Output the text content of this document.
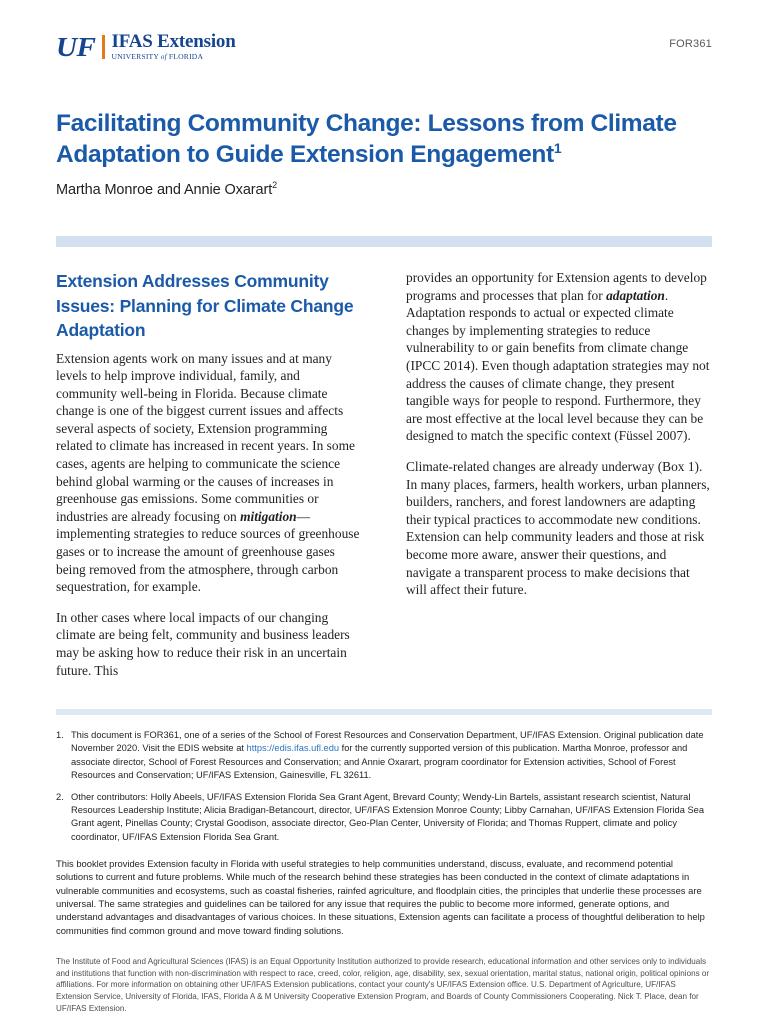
UF IFAS Extension
UNIVERSITY of FLORIDA
FOR361
Facilitating Community Change: Lessons from Climate Adaptation to Guide Extension Engagement$^1$
Martha Monroe and Annie Oxarart$^2$
Extension Addresses Community Issues: Planning for Climate Change Adaptation

Extension agents work on many issues and at many levels to help improve individual, family, and community well-being in Florida. Because climate change is one of the biggest current issues and affects several aspects of society, Extension programming related to climate has increased in recent years. In some cases, agents are helping to communicate the science behind global warming or the causes of increases in greenhouse gas emissions. Some communities or industries are already focusing on mitigation—implementing strategies to reduce sources of greenhouse gases or to increase the amount of greenhouse gases being removed from the atmosphere, through carbon sequestration, for example.

In other cases where local impacts of our changing climate are being felt, community and business leaders may be asking how to reduce their risk in an uncertain future. This

provides an opportunity for Extension agents to develop programs and processes that plan for adaptation. Adaptation responds to actual or expected climate changes by implementing strategies to reduce vulnerability to or gain benefits from climate change (IPCC 2014). Even though adaptation strategies may not address the causes of climate change, they present tangible ways for people to respond. Furthermore, they are most effective at the local level because they can be designed to match the specific context (Füssel 2007).

Climate-related changes are already underway (Box 1). In many places, farmers, health workers, urban planners, builders, ranchers, and forest landowners are adapting their typical practices to accommodate new conditions. Extension can help community leaders and those at risk become more aware, answer their questions, and navigate a transparent process to make decisions that will affect their future.

1. This document is FOR361, one of a series of the School of Forest Resources and Conservation Department, UF/IFAS Extension. Original publication date November 2020. Visit the EDIS website at https://edis.ifas.ufl.edu for the currently supported version of this publication. Martha Monroe, professor and associate director, School of Forest Resources and Conservation; and Annie Oxarart, program coordinator for Extension activities, School of Forest Resources and Conservation; UF/IFAS Extension, Gainesville, FL 32611.
2. Other contributors: Holly Abeels, UF/IFAS Extension Florida Sea Grant Agent, Brevard County; Wendy-Lin Bartels, assistant research scientist, Natural Resources Leadership Institute; Alicia Bradigan-Betancourt, director, UF/IFAS Extension Monroe County; Libby Carnahan, UF/IFAS Extension Florida Sea Grant agent, Pinellas County; Crystal Goodison, associate director, Geo-Plan Center, University of Florida; and Thomas Ruppert, climate and policy coordinator, UF/IFAS Extension Florida Sea Grant.
This booklet provides Extension faculty in Florida with useful strategies to help communities understand, discuss, evaluate, and recommend potential solutions to current and future problems. While much of the research behind these strategies has been conducted in the context of climate adaptations in vulnerable communities and ecosystems, such as coastal fisheries, rainfed agriculture, and floodplain cities, the principles that underlie these processes are universal. The same strategies and guidelines can be tailored for any issue that requires the public to become more informed, generate options, and understand advantages and disadvantages of various choices. In these situations, Extension agents can facilitate a process of thoughtful deliberation to help communities find common ground and move toward finding solutions.
The Institute of Food and Agricultural Sciences (IFAS) is an Equal Opportunity Institution authorized to provide research, educational information and other services only to individuals and institutions that function with non-discrimination with respect to race, creed, color, religion, age, disability, sex, sexual orientation, marital status, national origin, political opinions or affiliations. For more information on obtaining other UF/IFAS Extension publications, contact your county's UF/IFAS Extension office. U.S. Department of Agriculture, UF/IFAS Extension Service, University of Florida, IFAS, Florida A & M University Cooperative Extension Program, and Boards of County Commissioners Cooperating. Nick T. Place, dean for UF/IFAS Extension.
